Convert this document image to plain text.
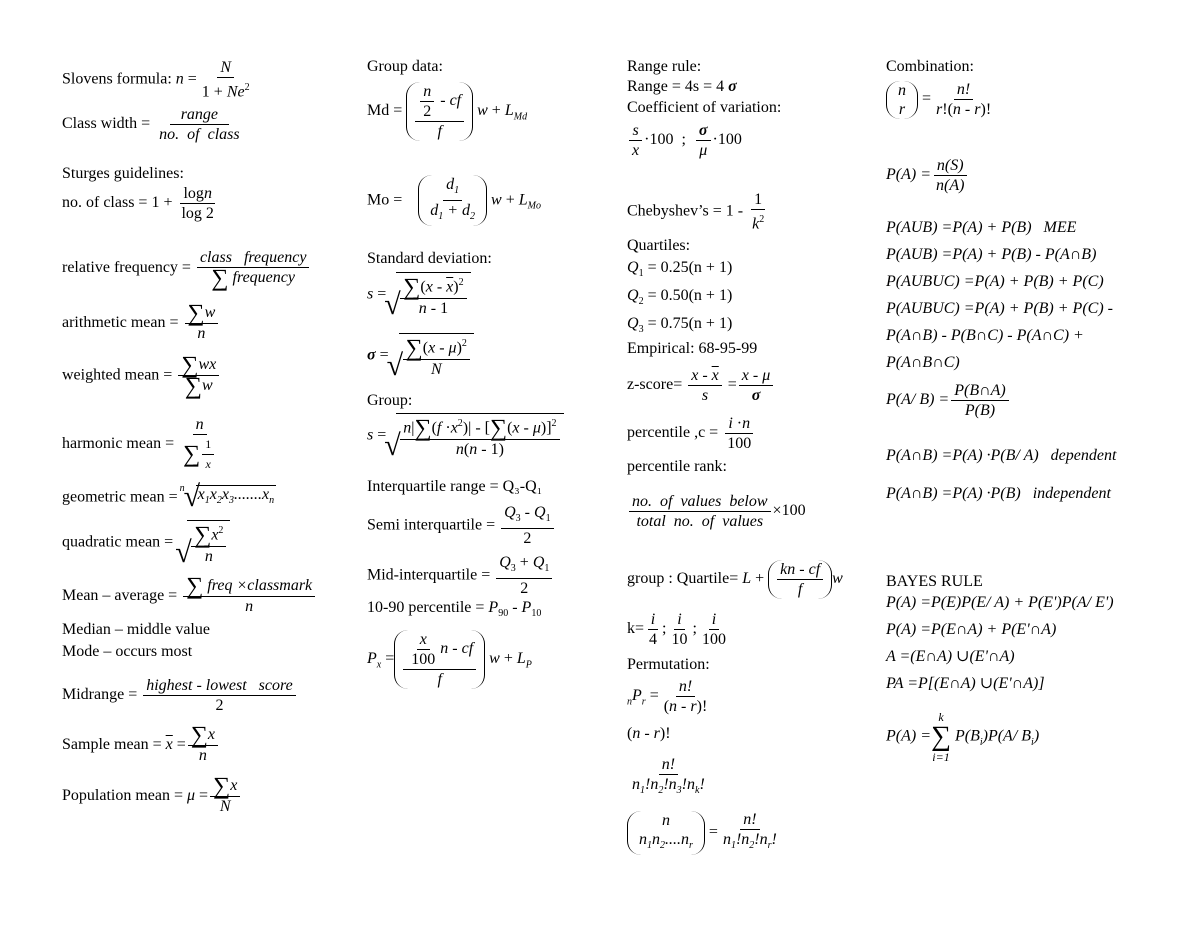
Slovens formula: $n = \frac{N}{1 + Ne^2}$
Class width = $\frac{\text{range}}{\text{no.  of  class}}$
Sturges guidelines:
no. of class = $1 + \frac{\log n}{\log 2}$
relative frequency = $\frac{\text{class   frequency}}{\text{∑ frequency}}$
arithmetic mean = $\frac{\sum w}{n}$
weighted mean = $\frac{\sum wx}{\sum w}$
harmonic mean = $\frac{n}{\sum \frac{1}{x}}$
geometric mean = √ n $x_1x_2x_3.......x_n$
quadratic mean = √ $\frac{\sum x^2}{n}$
Mean – average = $\frac{\text{∑ freq ×classmark}}{n}$
Median – middle value
Mode – occurs most
Midrange = $\frac{\text{highest - lowest   score}}{2}$
Sample mean = $\overline{x} = \frac{\sum x}{n}$
Population mean = $\mu = \frac{\sum x}{N}$
Group data:
$Md = \frac{\frac{n}{2} - cf}{f}$ $w + L_{Md}$
$Mo = \frac{d_1}{d_1 + d_2}$ $w + L_{Mo}$
Standard deviation:
s = √ $\frac{\sum(x - \overline{x})^2}{n - 1}$
σ = √ $\frac{\sum(x - \mu)^2}{N}$
Group:
s = √ $\frac{n|\sum(f \cdot x^2)| - [\sum(x - \mu)]^2}{n(n - 1)}$
Interquartile range = Q₃-Q₁
Semi interquartile = $\frac{Q_3 - Q_1}{2}$
Mid-interquartile = $\frac{Q_3 + Q_1}{2}$
10-90 percentile = $P_{90} - P_{10}$
$P_x = \frac{\frac{x}{100} n - cf}{f}$ $w + L_P$
Range rule:
Range = 4s = 4 σ
Coefficient of variation:
$\frac{s}{x} \cdot 100$  ; $\frac{\sigma}{\mu} \cdot 100$
Chebyshev’s = $1 - \frac{1}{k^2}$
Quartiles:
$Q_1 = 0.25(n + 1)$
$Q_2 = 0.50(n + 1)$
$Q_3 = 0.75(n + 1)$
Empirical: 68-95-99
z-score= $\frac{x - \overline{x}}{s} = \frac{x - \mu}{\sigma}$
percentile $,c = \frac{i \cdot n}{100}$
percentile rank:
$\frac{\text{no.  of  values  below}}{\text{total  no.  of  values}} \times 100$
group : Quartile= $L + \frac{kn - cf}{f}$ w
$k= \frac{i}{4}$ ; $\frac{i}{10}$ ; $\frac{i}{100}$
Permutation:
$_nP_r = \frac{n!}{(n - r)!}$
(n - r)!
$\frac{n!}{n_1!n_2!n_3!n_k!}$
n
$n_1n_2....n_r$
= $\frac{n!}{n_1!n_2!n_r!}$
Combination:
n
r
= $\frac{n!}{r!(n - r)!}$
$P(A) = \frac{n(S)}{n(A)}$
P(AUB) =P(A) + P(B)   MEE
P(AUB) =P(A) + P(B) - P(A∩B)
P(AUBUC) =P(A) + P(B) + P(C)
P(AUBUC) =P(A) + P(B) + P(C) -
P(A∩B) - P(B∩C) - P(A∩C) +
P(A∩B∩C)
P(A/ $B) = \frac{P(B\cap A)}{P(B)}$
P(A∩B) =P(A) ·P(B/ A)   dependent
P(A∩B) =P(A) ·P(B)   independent
BAYES RULE
P(A) =P(E)P(E/ A) + P(E')P(A/ E')
P(A) =P(E∩A) + P(E'∩A)
A =(E∩A) ∪(E'∩A)
PA =P[(E∩A) ∪(E'∩A)]
P(A) =
k
∑
i=1
$P(B_i)P(A/$ $B_i$)
